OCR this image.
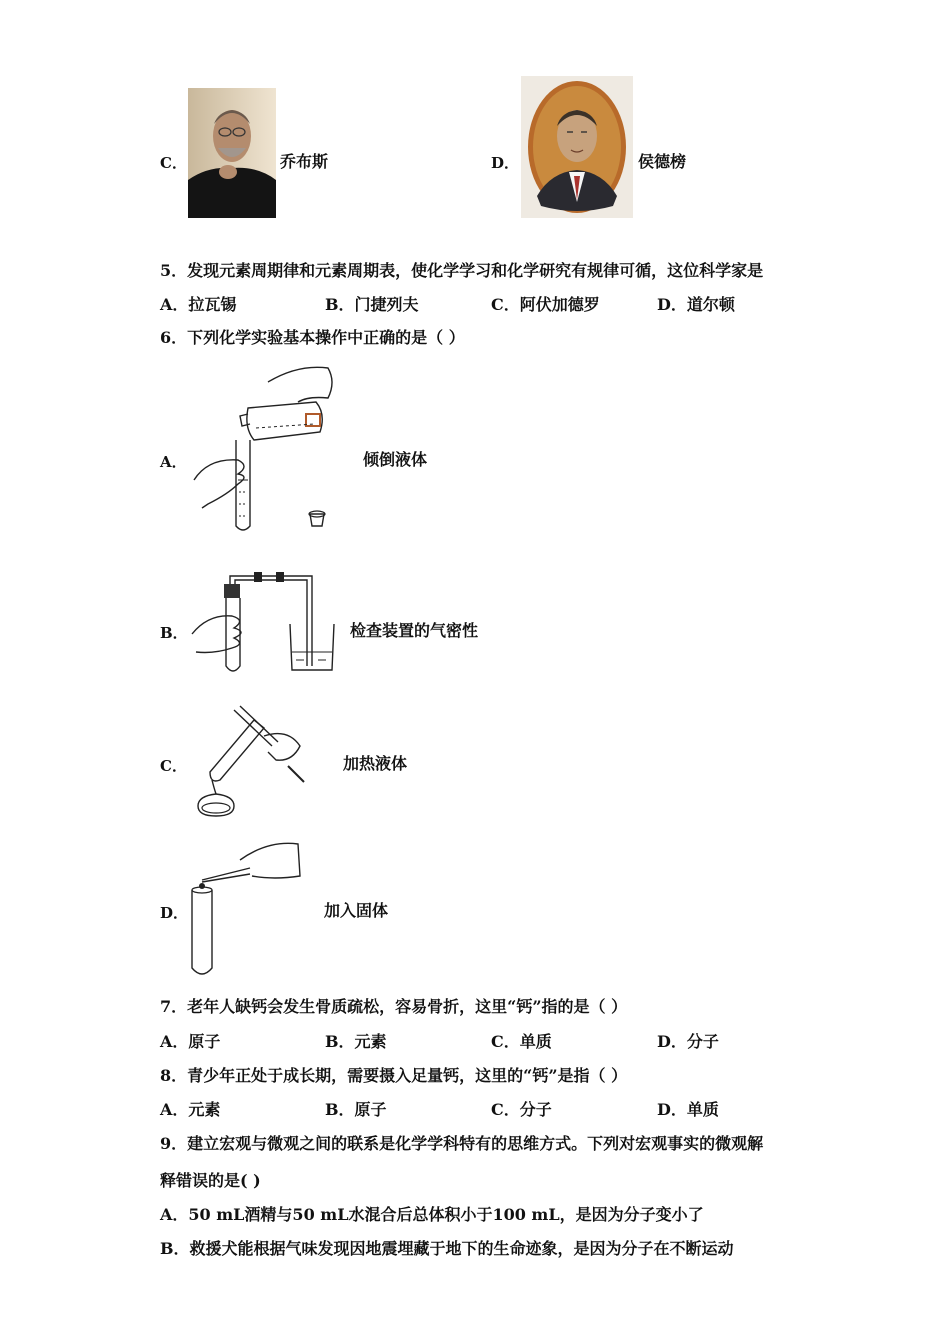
C．	乔布斯	D．	侯德榜
5．发现元素周期律和元素周期表，使化学学习和化学研究有规律可循，这位科学家是
A．拉瓦锡	B．门捷列夫	C．阿伏加德罗	D．道尔顿
6．下列化学实验基本操作中正确的是（ ）
A．	倾倒液体
B．	检查装置的气密性
C．	加热液体
D．	加入固体
7．老年人缺钙会发生骨质疏松，容易骨折，这里“钙”指的是（ ）
A．原子	B．元素	C．单质	D．分子
8．青少年正处于成长期，需要摄入足量钙，这里的“钙”是指（ ）
A．元素	B．原子	C．分子	D．单质
9．建立宏观与微观之间的联系是化学学科特有的思维方式。下列对宏观事实的微观解
释错误的是( )
A．50 mL酒精与50 mL水混合后总体积小于100 mL，是因为分子变小了
B．救援犬能根据气味发现因地震埋藏于地下的生命迹象，是因为分子在不断运动
